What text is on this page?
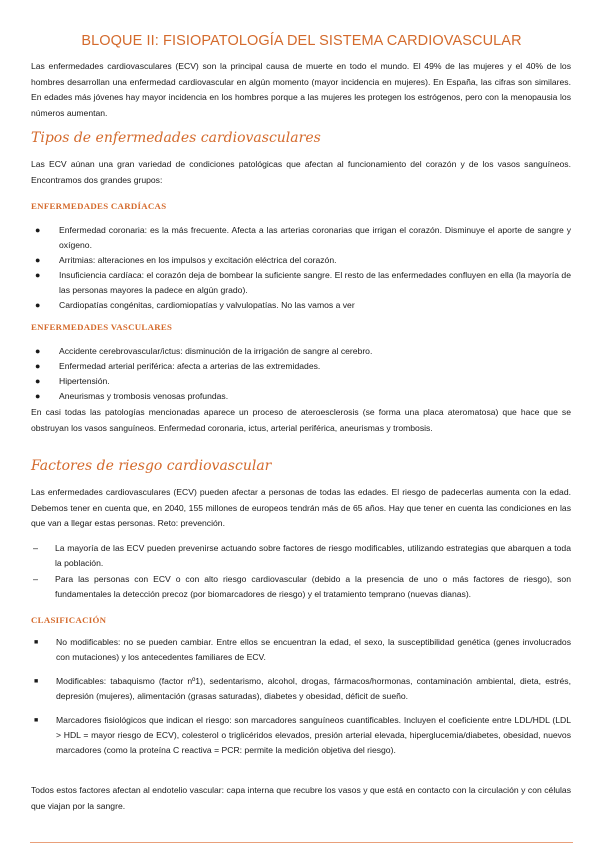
BLOQUE II: FISIOPATOLOGÍA DEL SISTEMA CARDIOVASCULAR

Las enfermedades cardiovasculares (ECV) son la principal causa de muerte en todo el mundo. El 49% de las mujeres y el 40% de los hombres desarrollan una enfermedad cardiovascular en algún momento (mayor incidencia en mujeres). En España, las cifras son similares. En edades más jóvenes hay mayor incidencia en los hombres porque a las mujeres les protegen los estrógenos, pero con la menopausia los números aumentan.

Tipos de enfermedades cardiovasculares

Las ECV aúnan una gran variedad de condiciones patológicas que afectan al funcionamiento del corazón y de los vasos sanguíneos. Encontramos dos grandes grupos:

ENFERMEDADES CARDÍACAS
● Enfermedad coronaria: es la más frecuente. Afecta a las arterias coronarias que irrigan el corazón. Disminuye el aporte de sangre y oxígeno.
● Arritmias: alteraciones en los impulsos y excitación eléctrica del corazón.
● Insuficiencia cardíaca: el corazón deja de bombear la suficiente sangre. El resto de las enfermedades confluyen en ella (la mayoría de las personas mayores la padece en algún grado).
● Cardiopatías congénitas, cardiomiopatías y valvulopatías. No las vamos a ver
ENFERMEDADES VASCULARES
● Accidente cerebrovascular/ictus: disminución de la irrigación de sangre al cerebro.
● Enfermedad arterial periférica: afecta a arterias de las extremidades.
● Hipertensión.
● Aneurismas y trombosis venosas profundas.

En casi todas las patologías mencionadas aparece un proceso de ateroesclerosis (se forma una placa ateromatosa) que hace que se obstruyan los vasos sanguíneos. Enfermedad coronaria, ictus, arterial periférica, aneurismas y trombosis.

Factores de riesgo cardiovascular

Las enfermedades cardiovasculares (ECV) pueden afectar a personas de todas las edades. El riesgo de padecerlas aumenta con la edad. Debemos tener en cuenta que, en 2040, 155 millones de europeos tendrán más de 65 años. Hay que tener en cuenta las condiciones en las que van a llegar estas personas. Reto: prevención.

– La mayoría de las ECV pueden prevenirse actuando sobre factores de riesgo modificables, utilizando estrategias que abarquen a toda la población.
– Para las personas con ECV o con alto riesgo cardiovascular (debido a la presencia de uno o más factores de riesgo), son fundamentales la detección precoz (por biomarcadores de riesgo) y el tratamiento temprano (nuevas dianas).
CLASIFICACIÓN
■ No modificables: no se pueden cambiar. Entre ellos se encuentran la edad, el sexo, la susceptibilidad genética (genes involucrados con mutaciones) y los antecedentes familiares de ECV.
■ Modificables: tabaquismo (factor nº1), sedentarismo, alcohol, drogas, fármacos/hormonas, contaminación ambiental, dieta, estrés, depresión (mujeres), alimentación (grasas saturadas), diabetes y obesidad, déficit de sueño.
■ Marcadores fisiológicos que indican el riesgo: son marcadores sanguíneos cuantificables. Incluyen el coeficiente entre LDL/HDL (LDL > HDL = mayor riesgo de ECV), colesterol o triglicéridos elevados, presión arterial elevada, hiperglucemia/diabetes, obesidad, nuevos marcadores (como la proteína C reactiva = PCR: permite la medición objetiva del riesgo).

Todos estos factores afectan al endotelio vascular: capa interna que recubre los vasos y que está en contacto con la circulación y con células que viajan por la sangre.
